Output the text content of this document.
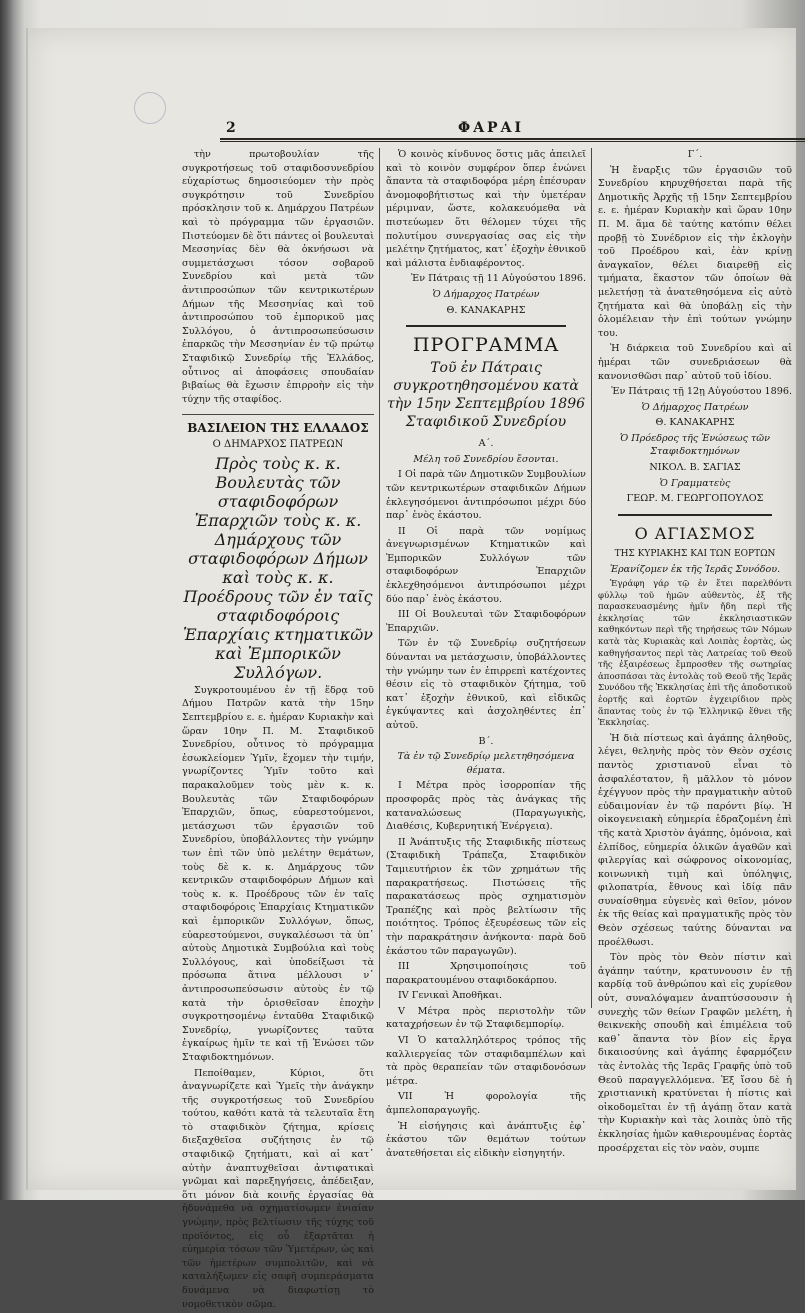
2	ΦΑΡΑΙ

τὴν πρωτοβουλίαν τῆς συγκροτήσεως τοῦ σταφιδοσυνεδρίου εὐχαρίστως δημοσιεύομεν τὴν πρὸς συγκρότησιν τοῦ Συνεδρίου πρόσκλησιν τοῦ κ. Δημάρχου Πατρέων καὶ τὸ πρόγραμμα τῶν ἐργασιῶν. Πιστεύομεν δὲ ὅτι πάντες οἱ βουλευταὶ Μεσσηνίας δὲν θὰ ὀκνήσωσι νὰ συμμετάσχωσι τόσον σοβαροῦ Συνεδρίου καὶ μετὰ τῶν ἀντιπροσώπων τῶν κεντρικωτέρων Δήμων τῆς Μεσσηνίας καὶ τοῦ ἀντιπροσώπου τοῦ ἐμπορικοῦ μας Συλλόγου, ὁ ἀντιπροσωπεύσωσιν ἐπαρκῶς τὴν Μεσσηνίαν ἐν τῷ πρώτῳ Σταφιδικῷ Συνεδρίῳ τῆς Ἑλλάδος, οὗτινος αἱ ἀποφάσεις σπουδαίαν βιβαίως θὰ ἔχωσιν ἐπιρροὴν εἰς τὴν τύχην τῆς σταφίδος.

ΒΑΣΙΛΕΙΟΝ ΤΗΣ ΕΛΛΑΔΟΣ

Ο ΔΗΜΑΡΧΟΣ ΠΑΤΡΕΩΝ

Πρὸς τοὺς κ. κ. Βουλευτὰς τῶν σταφιδοφόρων Ἐπαρχιῶν τοὺς κ. κ. Δημάρχους τῶν σταφιδοφόρων Δήμων καὶ τοὺς κ. κ. Προέδρους τῶν ἐν ταῖς σταφιδοφόροις Ἐπαρχίαις κτηματικῶν καὶ Ἐμπορικῶν Συλλόγων.

Συγκροτουμένου ἐν τῇ ἕδρᾳ τοῦ Δήμου Πατρῶν κατὰ τὴν 15ην Σεπτεμβρίου ε. ε. ἡμέραν Κυριακὴν καὶ ὥραν 10ην Π. Μ. Σταφιδικοῦ Συνεδρίου, οὗτινος τὸ πρόγραμμα ἐσωκλείομεν Ὑμῖν, ἔχομεν τὴν τιμήν, γνωρίζοντες Ὑμῖν τοῦτο καὶ παρακαλοῦμεν τοὺς μὲν κ. κ. Βουλευτὰς τῶν Σταφιδοφόρων Ἐπαρχιῶν, ὅπως, εὐαρεστούμενοι, μετάσχωσι τῶν ἐργασιῶν τοῦ Συνεδρίου, ὑποβάλλοντες τὴν γνώμην των ἐπὶ τῶν ὑπὸ μελέτην θεμάτων, τοὺς δὲ κ. κ. Δημάρχους τῶν κεντρικῶν σταφιδοφόρων Δήμων καὶ τοὺς κ. κ. Προέδρους τῶν ἐν ταῖς σταφιδοφόροις Ἐπαρχίαις Κτηματικῶν καὶ ἐμπορικῶν Συλλόγων, ὅπως, εὐαρεστούμενοι, συγκαλέσωσι τὰ ὑπ᾽ αὐτοὺς Δημοτικὰ Συμβούλια καὶ τοὺς Συλλόγους, καὶ ὑποδείξωσι τὰ πρόσωπα ἅτινα μέλλουσι ν᾽ ἀντιπροσωπεύσωσιν αὐτοὺς ἐν τῷ κατὰ τὴν ὁρισθεῖσαν ἐποχὴν συγκροτησομένῳ ἐνταῦθα Σταφιδικῷ Συνεδρίῳ, γνωρίζοντες ταῦτα ἐγκαίρως ἡμῖν τε καὶ τῇ Ἑνώσει τῶν Σταφιδοκτημόνων.

Πεποίθαμεν, Κύριοι, ὅτι ἀναγνωρίζετε καὶ Ὑμεῖς τὴν ἀνάγκην τῆς συγκροτήσεως τοῦ Συνεδρίου τούτου, καθότι κατὰ τὰ τελευταῖα ἔτη τὸ σταφιδικὸν ζήτημα, κρίσεις διεξαχθεῖσα συζήτησις ἐν τῷ σταφιδικῷ ζητήματι, καὶ αἱ κατ᾽ αὐτὴν ἀναπτυχθεῖσαι ἀντιφατικαὶ γνῶμαι καὶ παρεξηγήσεις, ἀπέδειξαν, ὅτι μόνον διὰ κοινῆς ἐργασίας θὰ ἠδυνάμεθα νὰ σχηματίσωμεν ἑνιαίαν γνώμην, πρὸς βελτίωσιν τῆς τύχης τοῦ προϊόντος, εἰς οὗ ἐξαρτᾶται ἡ εὐημερία τόσων τῶν Ὑμετέρων, ὡς καὶ τῶν ἡμετέρων συμπολιτῶν, καὶ νὰ καταλήξωμεν εἰς σαφῆ συμπεράσματα δυνάμενα νὰ διαφωτίσῃ τὸ νομοθετικὸν σῶμα.

Ὁ κοινὸς κίνδυνος ὅστις μᾶς ἀπειλεῖ καὶ τὸ κοινὸν συμφέρον ὅπερ ἑνώνει ἅπαντα τὰ σταφιδοφόρα μέρη ἐπέσυραν ἀνομοφοβήτιστως καὶ τὴν ὑμετέραν μέριμναν, ὥστε, κολακευόμεθα νὰ πιστεύωμεν ὅτι θέλομεν τύχει τῆς πολυτίμου συνεργασίας σας εἰς τὴν μελέτην ζητήματος, κατ᾽ ἐξοχὴν ἐθνικοῦ καὶ μάλιστα ἐνδιαφέροντος.

Ἐν Πάτραις τῇ 11 Αὐγούστου 1896.

Ὁ Δήμαρχος Πατρέων

Θ. ΚΑΝΑΚΑΡΗΣ

ΠΡΟΓΡΑΜΜΑ

Τοῦ ἐν Πάτραις συγκροτηθησομένου κατὰ τὴν 15ην Σεπτεμβρίου 1896 Σταφιδικοῦ Συνεδρίου

Α΄.

Μέλη τοῦ Συνεδρίου ἔσονται.

Ι Οἱ παρὰ τῶν Δημοτικῶν Συμβουλίων τῶν κεντρικωτέρων σταφιδικῶν Δήμων ἐκλεγησόμενοι ἀντιπρόσωποι μέχρι δύο παρ᾽ ἑνὸς ἑκάστου.

ΙΙ Οἱ παρὰ τῶν νομίμως ἀνεγνωρισμένων Κτηματικῶν καὶ Ἐμπορικῶν Συλλόγων τῶν σταφιδοφόρων Ἐπαρχιῶν ἐκλεχθησόμενοι ἀντιπρόσωποι μέχρι δύο παρ᾽ ἑνὸς ἑκάστου.

ΙΙΙ Οἱ Βουλευταὶ τῶν Σταφιδοφόρων Ἐπαρχιῶν.

Τῶν ἐν τῷ Συνεδρίῳ συζητήσεων δύνανται να μετάσχωσιν, ὑποβάλλοντες τὴν γνώμην των ἐν ἐπιρρεπὶ κατέχοντες θέσιν εἰς τὸ σταφιδικὸν ζήτημα, τοῦ κατ᾽ ἐξοχὴν ἐθνικοῦ, καὶ εἰδικῶς ἐγκύψαντες καὶ ἀσχοληθέντες ἐπ᾽ αὐτοῦ.

Β΄.

Τὰ ἐν τῷ Συνεδρίῳ μελετηθησόμενα θέματα.

Ι Μέτρα πρὸς ἰσορροπίαν τῆς προσφορᾶς πρὸς τὰς ἀνάγκας τῆς καταναλώσεως (Παραγωγικὴς, Διαθέσις, Κυβερνητική Ἐνέργεια).

ΙΙ Ἀνάπτυξις τῆς Σταφιδικῆς πίστεως (Σταφιδικὴ Τράπεζα, Σταφιδικὸν Ταμιευτήριον ἐκ τῶν χρημάτων τῆς παρακρατήσεως. Πιστώσεις τῆς παρακατάσεως πρὸς σχηματισμὸν Τραπέζης καὶ πρὸς βελτίωσιν τῆς ποιότητος. Τρόπος ἐξευρέσεως τῶν εἰς τὴν παρακράτησιν ἀνήκοντα· παρὰ δοῦ ἐκάστου τῶν παραγωγῶν).

ΙΙΙ Χρησιμοποίησις τοῦ παρακρατουμένου σταφιδοκάρπου.

IV Γενικαὶ Ἀποθῆκαι.

V Μέτρα πρὸς περιστολὴν τῶν καταχρήσεων ἐν τῷ Σταφιδεμπορίῳ.

VI Ὁ καταλληλότερος τρόπος τῆς καλλιεργείας τῶν σταφιδαμπέλων καὶ τὰ πρὸς θεραπείαν τῶν σταφιδονόσων μέτρα.

VII Ἡ φορολογία τῆς ἀμπελοπαραγωγῆς.

Ἡ εἰσήγησις καὶ ἀνάπτυξις ἐφ᾽ ἑκάστου τῶν θεμάτων τούτων ἀνατεθήσεται εἰς εἰδικὴν εἰσηγητήν.

Γ΄.

Ἡ ἔναρξις τῶν ἐργασιῶν τοῦ Συνεδρίου κηρυχθήσεται παρὰ τῆς Δημοτικῆς Ἀρχῆς τῇ 15ην Σεπτεμβρίου ε. ε. ἡμέραν Κυριακὴν καὶ ὥραν 10ην Π. Μ. ἅμα δὲ ταύτης κατόπιν θέλει προβῇ τὸ Συνέδριον εἰς τὴν ἐκλογὴν τοῦ Προέδρου καὶ, ἐὰν κρίνῃ ἀναγκαῖον, θέλει διαιρεθῇ εἰς τμήματα, ἕκαστον τῶν ὁποίων θὰ μελετήσῃ τὰ ἀνατεθησόμενα εἰς αὐτὸ ζητήματα καὶ θὰ ὑποβάλῃ εἰς τὴν ὁλομέλειαν τὴν ἐπὶ τούτων γνώμην του.

Ἡ διάρκεια τοῦ Συνεδρίου καὶ αἱ ἡμέραι τῶν συνεδριάσεων θὰ κανονισθῶσι παρ᾽ αὐτοῦ τοῦ ἰδίου.

Ἐν Πάτραις τῇ 12ῃ Αὐγούστου 1896.

Ὁ Δήμαρχος Πατρέων

Θ. ΚΑΝΑΚΑΡΗΣ

Ὁ Πρόεδρος τῆς Ἑνώσεως τῶν Σταφιδοκτημόνων

ΝΙΚΟΛ. Β. ΣΑΓΙΑΣ

Ὁ Γραμματεὺς

ΓΕΩΡ. Μ. ΓΕΩΡΓΟΠΟΥΛΟΣ

Ο ΑΓΙΑΣΜΟΣ

ΤΗΣ ΚΥΡΙΑΚΗΣ ΚΑΙ ΤΩΝ ΕΟΡΤΩΝ

Ἐρανίζομεν ἐκ τῆς Ἱερᾶς Συνόδου.

Ἐγράφη γάρ τῷ ἐν ἔτει παρελθόντι φύλλῳ τοῦ ἡμῶν αὐθεντὸς, ἐξ τῆς παρασκευασμένης ἡμῖν ἤδη περὶ τῆς ἐκκλησίας τῶν ἐκκλησιαστικῶν καθηκόντων περὶ τῆς τηρήσεως τῶν Νόμων κατὰ τὰς Κυριακὰς καὶ Λοιπὰς ἑορτὰς, ὡς καθηγήσαντος περὶ τὰς Λατρείας τοῦ Θεοῦ τῆς ἐξαιρέσεως ἔμπροσθεν τῆς σωτηρίας ἀποσπάσαι τὰς ἐντολὰς τοῦ Θεοῦ τῆς Ἱερᾶς Συνόδου τῆς Ἐκκλησίας ἐπὶ τῆς ἀποδοτικοῦ ἑορτῆς καὶ ἑορτῶν ἐγχειρίδιον πρὸς ἅπαντας τοὺς ἐν τῷ Ἑλληνικῷ ἕθνει τῆς Ἐκκλησίας.

Ἡ διὰ πίστεως καὶ ἀγάπης ἀληθοῦς, λέγει, θεληνὴς πρὸς τὸν Θεὸν σχέσις παντὸς χριστιανοῦ εἶναι τὸ ἀσφαλέστατον, ἢ μᾶλλον τὸ μόνον ἐχέγγυον πρὸς τὴν πραγματικὴν αὐτοῦ εὐδαιμονίαν ἐν τῷ παρόντι βίῳ. Ἡ οἰκογενειακὴ εὐημερία ἑδραζομένη ἐπὶ τῆς κατὰ Χριστὸν ἀγάπης, ὁμόνοια, καὶ ἐλπίδος, εὐημερία ὁλικῶν ἀγαθῶν καὶ φιλεργίας καὶ σώφρονος οἰκονομίας, κοινωνικὴ τιμὴ καὶ ὑπόληψις, φιλοπατρία, ἔθνους καὶ ἰδίᾳ πᾶν συναίσθημα εὐγενὲς καὶ θεῖον, μόνον ἐκ τῆς θείας καὶ πραγματικῆς πρὸς τὸν Θεὸν σχέσεως ταύτης δύνανται να προέλθωσι.

Τὸν πρὸς τὸν Θεὸν πίστιν καὶ ἀγάπην ταύτην, κρατυνουσιν ἐν τῇ καρδίᾳ τοῦ ἀνθρώπου καὶ εἰς χυρίεθον οὐτ, συναλόψαμεν ἀναπτύσσουσιν ἡ συνεχὴς τῶν θείων Γραφῶν μελέτη, ἡ θεικνεκὴς σπουδὴ καὶ ἐπιμέλεια τοῦ καθ᾽ ἅπαντα τὸν βίον εἰς ἔργα δικαιοσύνης καὶ ἀγάπης ἐφαρμόζειν τὰς ἐντολὰς τῆς Ἱερᾶς Γραφῆς ὑπὸ τοῦ Θεοῦ παραγγελλόμενα. Ἐξ ἴσου δὲ ἡ χριστιανικὴ κρατύνεται ἡ πίστις καὶ οἰκοδομεῖται ἐν τῇ ἀγάπῃ ὅταν κατὰ τὴν Κυριακὴν καὶ τὰς λοιπὰς ὑπὸ τῆς ἐκκλησίας ἡμῶν καθιερουμένας ἑορτὰς προσέρχεται εἰς τὸν ναὸν, συμπε
